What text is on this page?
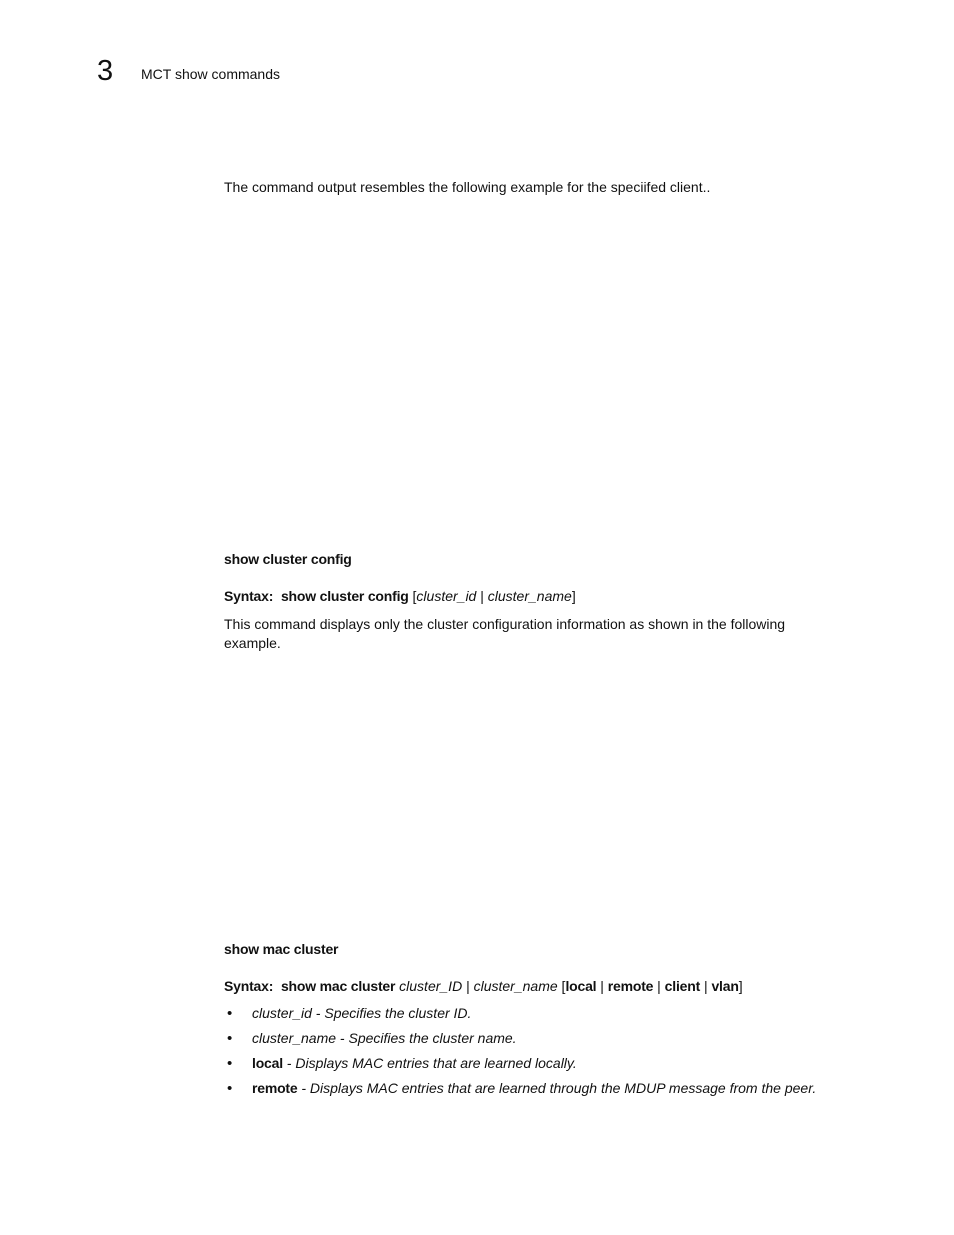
3 MCT show commands

The command output resembles the following example for the speciifed client..

show cluster config

Syntax: show cluster config [cluster_id | cluster_name]

This command displays only the cluster configuration information as shown in the following example.

show mac cluster

Syntax: show mac cluster cluster_ID | cluster_name [local | remote | client | vlan]

• cluster_id - Specifies the cluster ID.
• cluster_name - Specifies the cluster name.
• local - Displays MAC entries that are learned locally.
• remote - Displays MAC entries that are learned through the MDUP message from the peer.
